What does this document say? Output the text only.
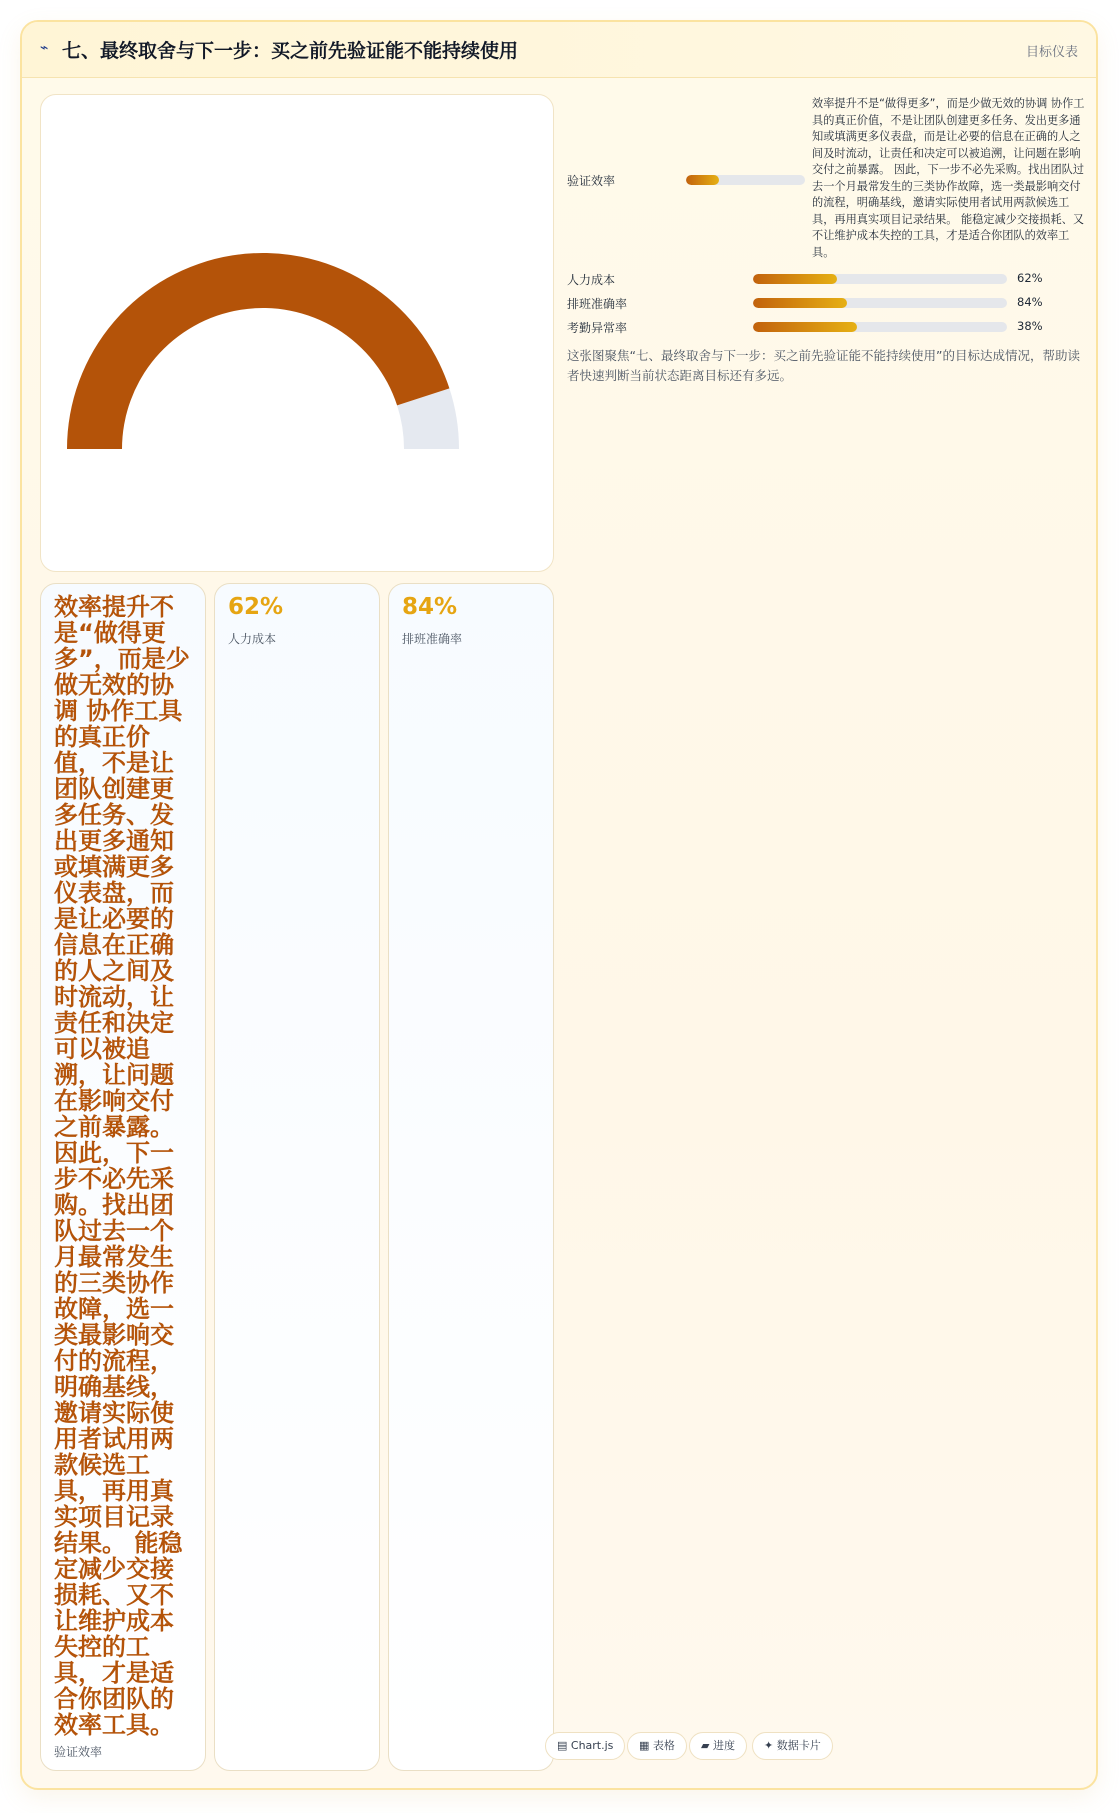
⌁ 七、最终取舍与下一步：买之前先验证能不能持续使用	目标仪表
验证效率
效率提升不是“做得更多”，而是少做无效的协调 协作工具的真正价值，不是让团队创建更多任务、发出更多通知或填满更多仪表盘，而是让必要的信息在正确的人之间及时流动，让责任和决定可以被追溯，让问题在影响交付之前暴露。 因此，下一步不必先采购。找出团队过去一个月最常发生的三类协作故障，选一类最影响交付的流程，明确基线，邀请实际使用者试用两款候选工具，再用真实项目记录结果。 能稳定减少交接损耗、又不让维护成本失控的工具，才是适合你团队的效率工具。
人力成本	62%
排班准确率	84%
考勤异常率	38%
这张图聚焦“七、最终取舍与下一步：买之前先验证能不能持续使用”的目标达成情况，帮助读者快速判断当前状态距离目标还有多远。
效率提升不是“做得更多”，而是少做无效的协调 协作工具的真正价值，不是让团队创建更多任务、发出更多通知或填满更多仪表盘，而是让必要的信息在正确的人之间及时流动，让责任和决定可以被追溯，让问题在影响交付之前暴露。 因此，下一步不必先采购。找出团队过去一个月最常发生的三类协作故障，选一类最影响交付的流程，明确基线，邀请实际使用者试用两款候选工具，再用真实项目记录结果。 能稳定减少交接损耗、又不让维护成本失控的工具，才是适合你团队的效率工具。
验证效率
62%
人力成本
84%
排班准确率
▤ Chart.js	▦ 表格	▰ 进度	✦ 数据卡片
